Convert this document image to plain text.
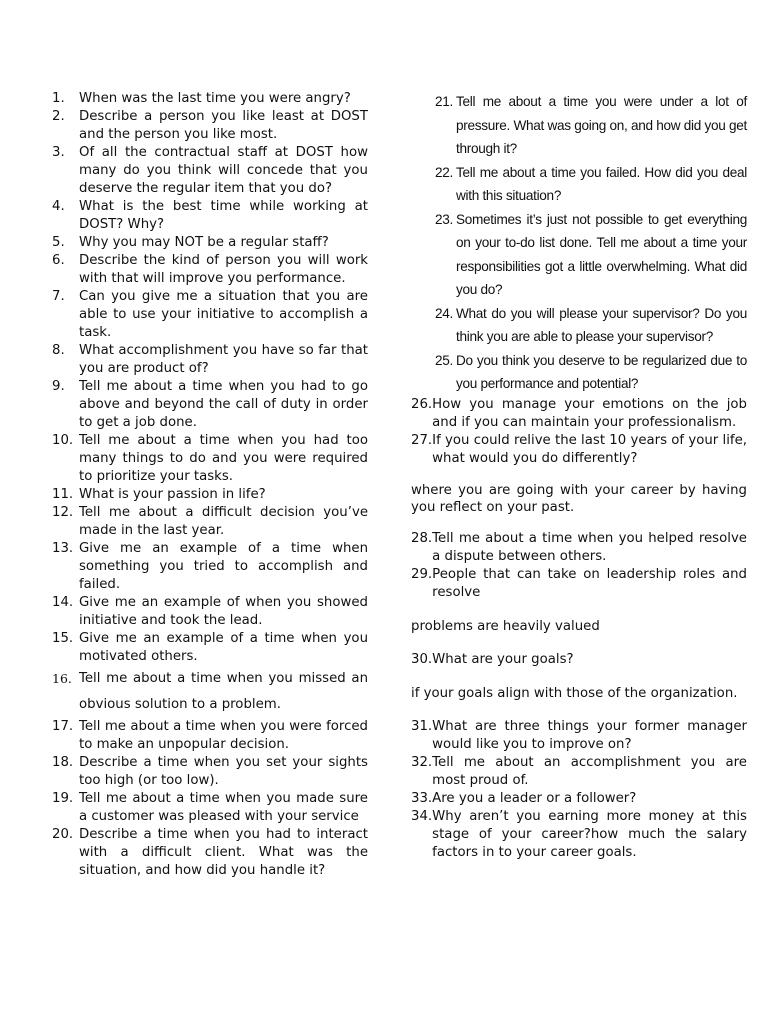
1.	When was the last time you were angry?
2.	Describe a person you like least at DOST and the person you like most.
3.	Of all the contractual staff at DOST how many do you think will concede that you deserve the regular item that you do?
4.	What is the best time while working at DOST? Why?
5.	Why you may NOT be a regular staff?
6.	Describe the kind of person you will work with that will improve you performance.
7.	Can you give me a situation that you are able to use your initiative to accomplish a task.
8.	What accomplishment you have so far that you are product of?
9.	Tell me about a time when you had to go above and beyond the call of duty in order to get a job done.
10. Tell me about a time when you had too many things to do and you were required to prioritize your tasks.
11. What is your passion in life?
12. Tell me about a difficult decision you’ve made in the last year.
13. Give me an example of a time when something you tried to accomplish and failed.
14. Give me an example of when you showed initiative and took the lead.
15. Give me an example of a time when you motivated others.
16. Tell me about a time when you missed an obvious solution to a problem.
17. Tell me about a time when you were forced to make an unpopular decision.
18. Describe a time when you set your sights too high (or too low).
19. Tell me about a time when you made sure a customer was pleased with your service
20. Describe a time when you had to interact with a difficult client. What was the situation, and how did you handle it?
21. Tell me about a time you were under a lot of pressure. What was going on, and how did you get through it?
22. Tell me about a time you failed. How did you deal with this situation?
23. Sometimes it’s just not possible to get everything on your to-do list done. Tell me about a time your responsibilities got a little overwhelming. What did you do?
24. What do you will please your supervisor? Do you think you are able to please your supervisor?
25. Do you think you deserve to be regularized due to you performance and potential?
26. How you manage your emotions on the job and if you can maintain your professionalism.
27. If you could relive the last 10 years of your life, what would you do differently?

where you are going with your career by having you reflect on your past.

28. Tell me about a time when you helped resolve a dispute between others.
29. People that can take on leadership roles and resolve

problems are heavily valued

30. What are your goals?

if your goals align with those of the organization.

31. What are three things your former manager would like you to improve on?
32. Tell me about an accomplishment you are most proud of.
33. Are you a leader or a follower?
34. Why aren’t you earning more money at this stage of your career?how much the salary factors in to your career goals.
